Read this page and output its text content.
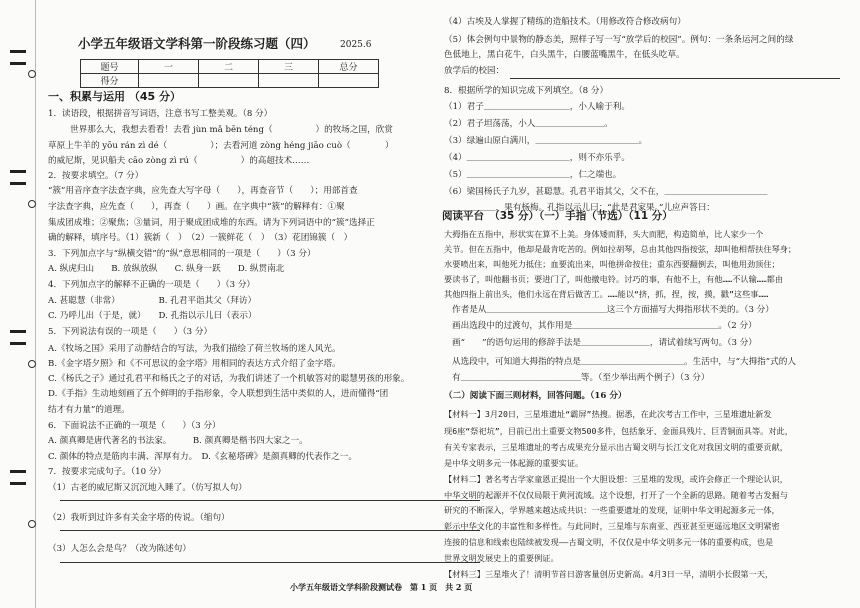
小学五年级语文学科第一阶段练习题（四）	2025.6
题号	一	二	三	总分
得分				
一、积累与运用 （45 分）
1．读语段，根据拼音写词语，注意书写工整美观。（8 分）
世界那么大，我想去看看！去看 jùn mǎ bēn téng（　　　　　）的牧场之国，欣赏
草原上牛羊的 yōu rán zì dé（　　　　　）；去看河道 zòng héng jiāo cuò（　　　　）
的威尼斯，见识船夫 cāo zòng zì rú（　　　　　）的高超技术……
2．按要求填空。（7 分）
“簇”用音序查字法查字典，应先查大写字母（　　），再查音节（　　）；用部首查
字法查字典，应先查（　　），再查（　　）画。在字典中“簇”的解释有：①聚
集成团成堆；②聚焦；③量词，用于聚成团成堆的东西。请为下列词语中的“簇”选择正
确的解释，填序号。（1）簇新（　）　（2）一簇鲜花（　）　（3）花团锦簇（　）
3．下列加点字与“纵横交错”的“纵”意思相同的一项是（　　）（3 分）
A. 纵虎归山　　B. 放纵放纵　　C. 纵身一跃　　D. 纵贯南北
4．下列加点字的解释不正确的一项是（　　）（3 分）
A. 甚聪慧（非常）　　　　　B. 孔君平诣其父（拜访）
C. 乃呼儿出（于是，就）　　D. 孔指以示儿曰（表示）
5．下列说法有误的一项是（　　）（3 分）
A.《牧场之国》采用了动静结合的写法，为我们描绘了荷兰牧场的迷人风光。
B.《金字塔夕照》和《不可思议的金字塔》用相同的表达方式介绍了金字塔。
C.《杨氏之子》通过孔君平和杨氏之子的对话，为我们讲述了一个机敏答对的聪慧男孩的形象。
D.《手指》生动地刻画了五个鲜明的手指形象，令人联想到生活中类似的人，进而懂得“团
结才有力量”的道理。
6．下面说法不正确的一项是（　　）（3 分）
A. 颜真卿是唐代著名的书法家。　　　B. 颜真卿是楷书四大家之一。
C. 颜体的特点是筋肉丰满、浑厚有力。　D.《玄秘塔碑》是颜真卿的代表作之一。
7．按要求完成句子。（10 分）
（1）古老的威尼斯又沉沉地入睡了。（仿写拟人句）
（2）我听到过许多有关金字塔的传说。（缩句）
（3）人怎么会是鸟？（改为陈述句）
（4）古埃及人掌握了精练的造船技术。（用修改符合修改病句）
（5）体会例句中景物的静态美，照样子写一写“放学后的校园”。例句：一条条运河之间的绿
色低地上，黑白花牛，白头黑牛，白腰蓝嘴黑牛，在低头吃草。
放学后的校园：
8．根据所学的知识完成下列填空。（8 分）
（1）君子＿＿＿＿＿＿＿＿＿＿，小人喻于利。
（2）君子坦荡荡，小人＿＿＿＿＿＿＿＿。
（3）绿遍山原白满川，＿＿＿＿＿＿＿＿＿＿＿＿。
（4）＿＿＿＿＿＿＿＿＿＿＿＿，则不亦乐乎。
（5）＿＿＿＿＿＿＿＿＿＿＿＿，仁之端也。
（6）梁国杨氏子九岁，甚聪慧。孔君平诣其父，父不在，＿＿＿＿＿＿＿＿＿＿＿＿
＿＿＿＿＿＿，果有杨梅。孔指以示儿曰：“此是君家果。”儿应声答曰：
阅读平台　（35 分）（一）手指（节选）（11 分）
大拇指在五指中，形状实在算不上美。身体矮而胖，头大而肥，构造简单，比人家少一个
关节。但在五指中，他却是最肯吃苦的。例如拉胡琴，总由其他四指按弦，却叫他相帮扶住琴身；
水要喷出来，叫他死力抵住；血要流出来，叫他拼命按住；重东西要翻倒去，叫他用劲顶住；
要读书了，叫他翻书页；要进门了，叫他撴电铃。讨巧的事，有他不上，有他……不认输……都由
其他四指上前出头，他们永远在背后做苦工。……能以“挤，抓，捏，按，摸，戳”这些事……
作者是从＿＿＿＿＿＿＿＿＿＿＿＿＿＿这三个方面描写大拇指形状不美的。（3 分）
画出选段中的过渡句，其作用是＿＿＿＿＿＿＿＿＿＿＿＿＿＿＿＿＿。（2 分）
画“　　”的语句运用的修辞手法是＿＿＿＿＿＿＿＿，请试着续写两句。（3 分）
从选段中，可知道大拇指的特点是＿＿＿＿＿＿＿＿＿＿＿＿。生活中，与“大拇指”式的人
有＿＿＿＿＿＿＿＿＿＿＿＿＿＿等。（至少举出两个例子）（3 分）
（二）阅读下面三则材料，回答问题。（16 分）
【材料一】3月20日，三星堆遗址“霸屏”热搜。据悉，在此次考古工作中，三星堆遗址新发
现6座“祭祀坑”，目前已出土重要文物500多件，包括象牙、金面具残片、巨青铜面具等。对此，
有关专家表示，三星堆遗址的考古成果充分显示出古蜀文明与长江文化对我国文明的重要贡献，
是中华文明多元一体起源的重要实证。
【材料二】著名考古学家童恩正提出一个大胆设想：三星堆的发现，或许会修正一个理论认识，
中华文明的起源并不仅仅局限于黄河流域。这个设想，打开了一个全新的思路。随着考古发掘与
研究的不断深入，学界越来越达成共识：一些重要遗址的发现，证明中华文明起源多元一体，
彰示中华文化的丰富性和多样性。与此同时，三星堆与东南亚、西亚甚至更遥远地区文明紧密
连接的信息和线索也陆续被发现——古蜀文明，不仅仅是中华文明多元一体的重要构成，也是
世界文明发展史上的重要例证。
【材料三】三星堆火了！清明节首日游客量创历史新高。4月3日一早，清明小长假第一天，
小学五年级语文学科阶段测试卷　第 1 页　共 2 页
